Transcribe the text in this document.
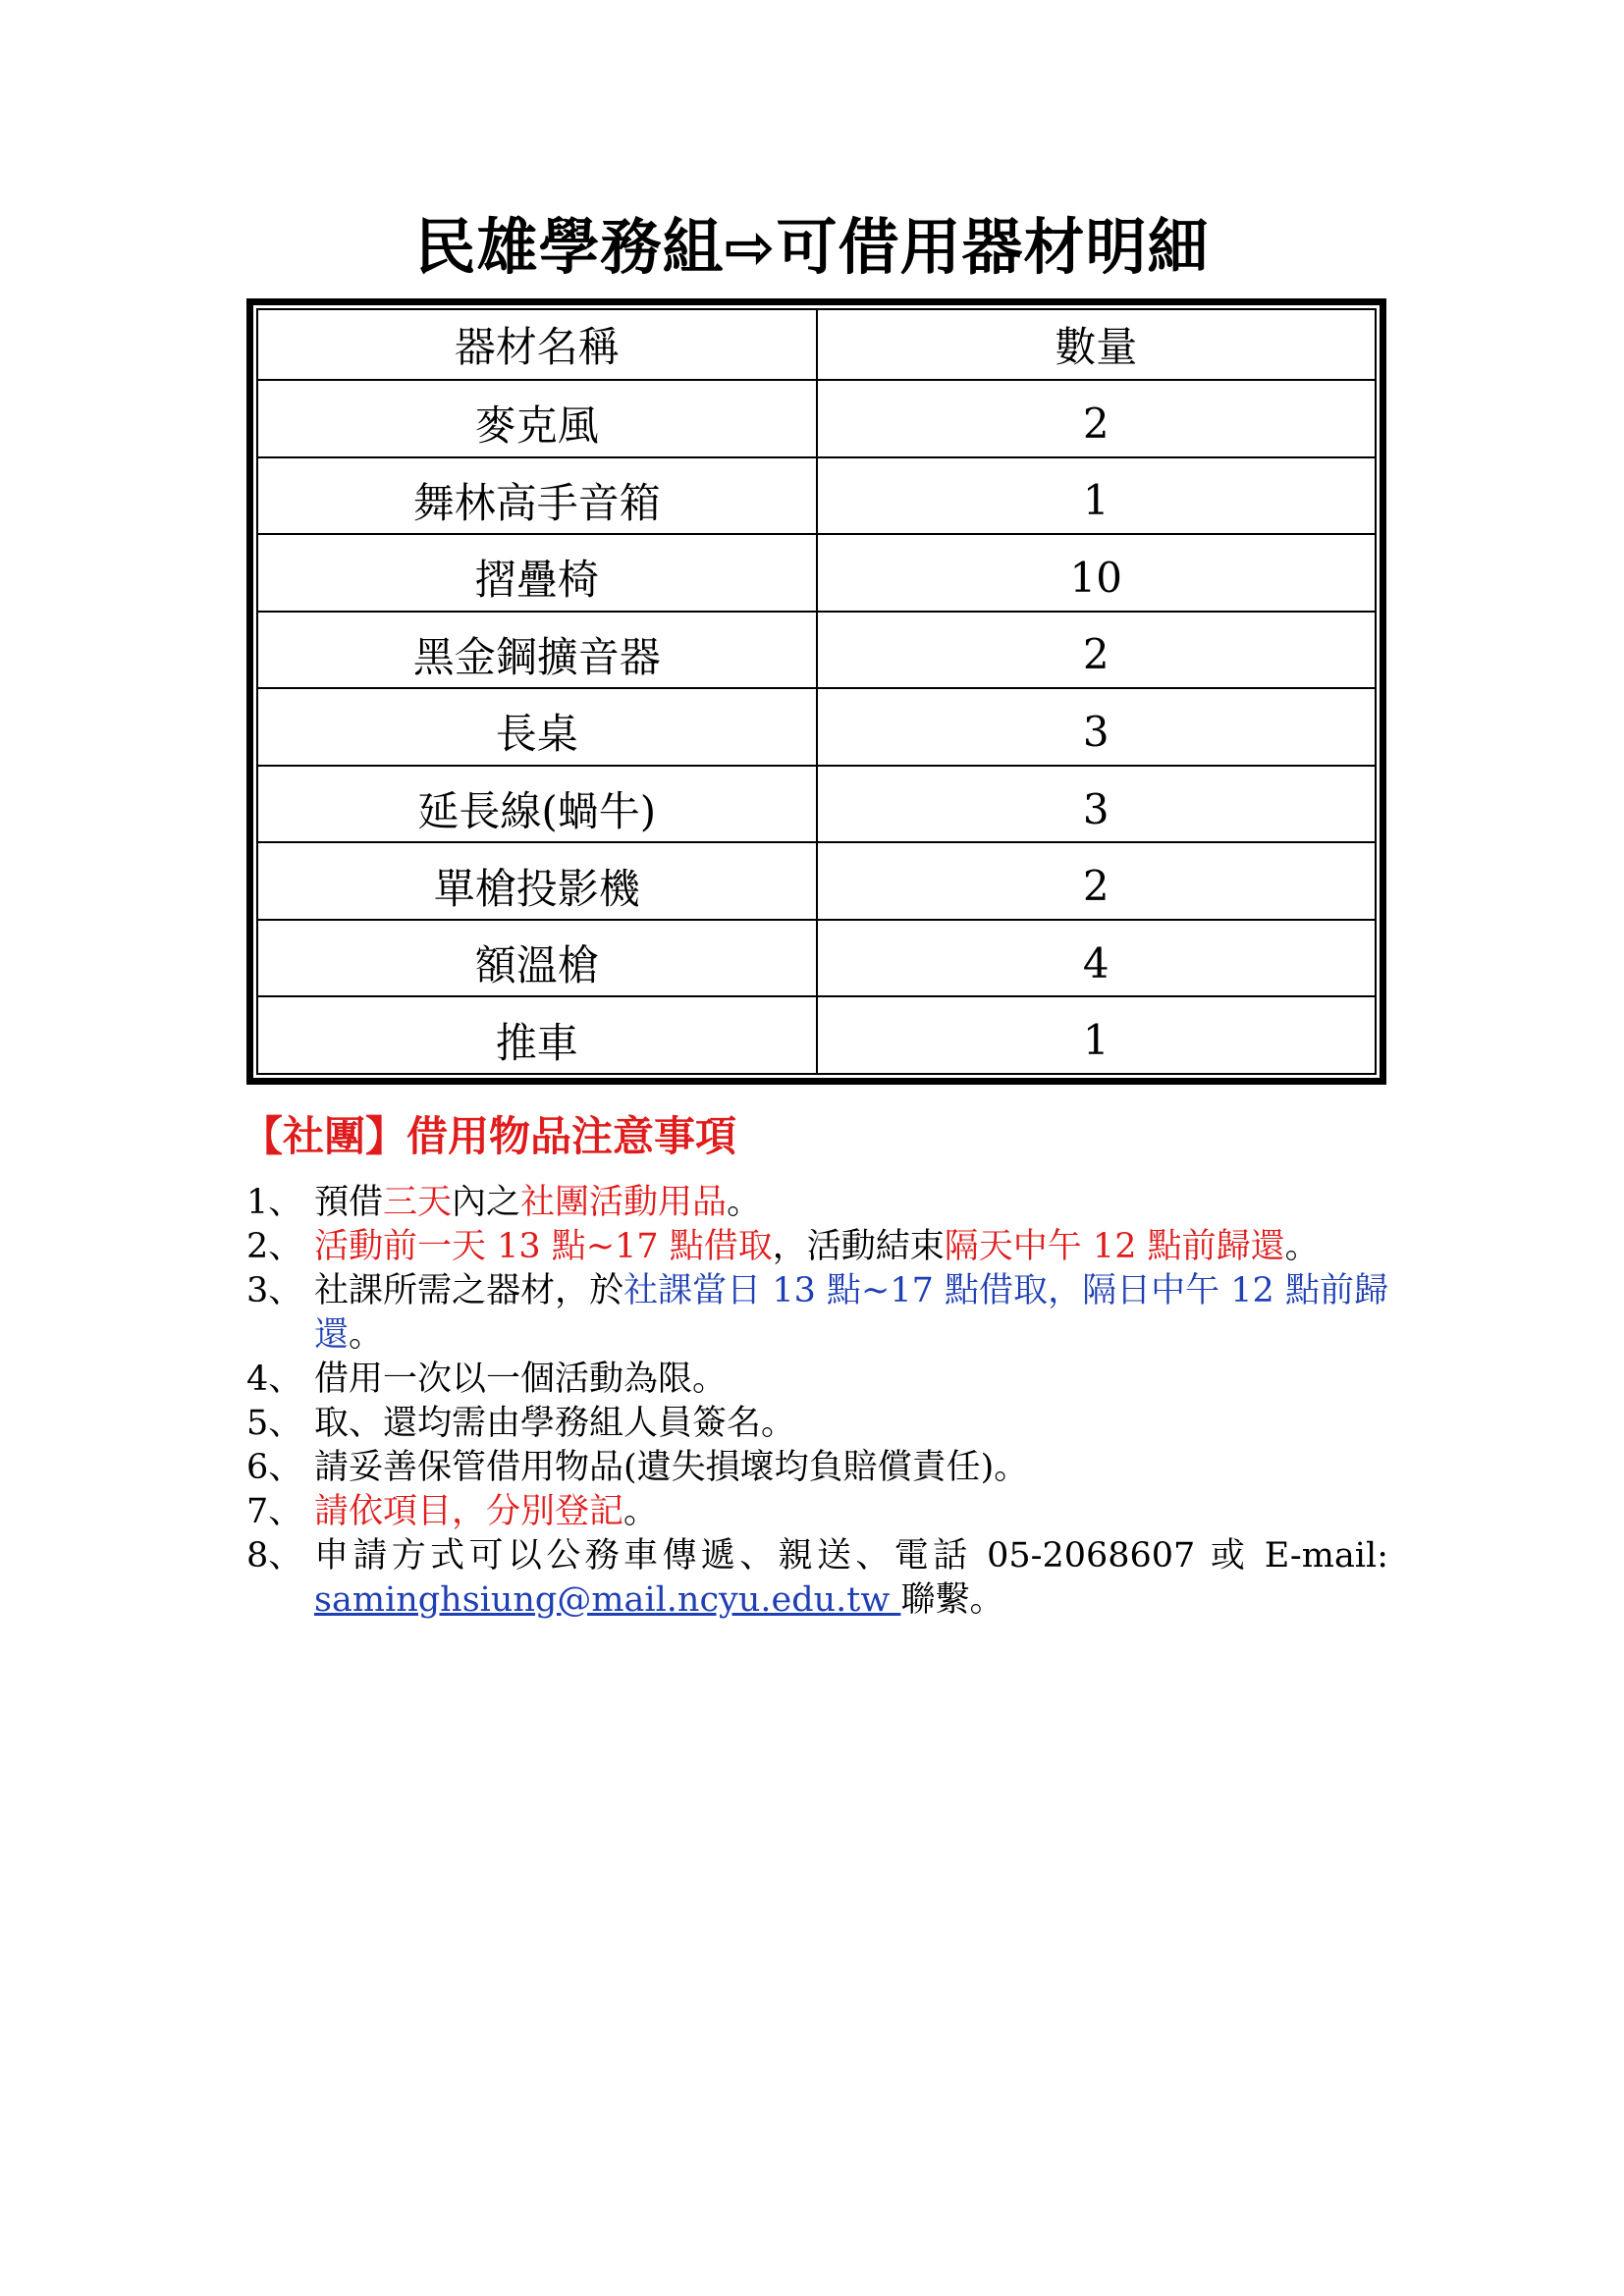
民雄學務組⇨可借用器材明細
器材名稱	數量
麥克風	2
舞林高手音箱	1
摺疊椅	10
黑金鋼擴音器	2
長桌	3
延長線(蝸牛)	3
單槍投影機	2
額溫槍	4
推車	1
【社團】借用物品注意事項
1、 預借三天內之社團活動用品。
2、 活動前一天 13 點~17 點借取，活動結束隔天中午 12 點前歸還。
3、 社課所需之器材，於社課當日 13 點~17 點借取，隔日中午 12 點前歸還。
4、 借用一次以一個活動為限。
5、 取、還均需由學務組人員簽名。
6、 請妥善保管借用物品(遺失損壞均負賠償責任)。
7、 請依項目，分別登記。
8、 申請方式可以公務車傳遞、親送、電話 05-2068607 或 E-mail: saminghsiung@mail.ncyu.edu.tw 聯繫。
